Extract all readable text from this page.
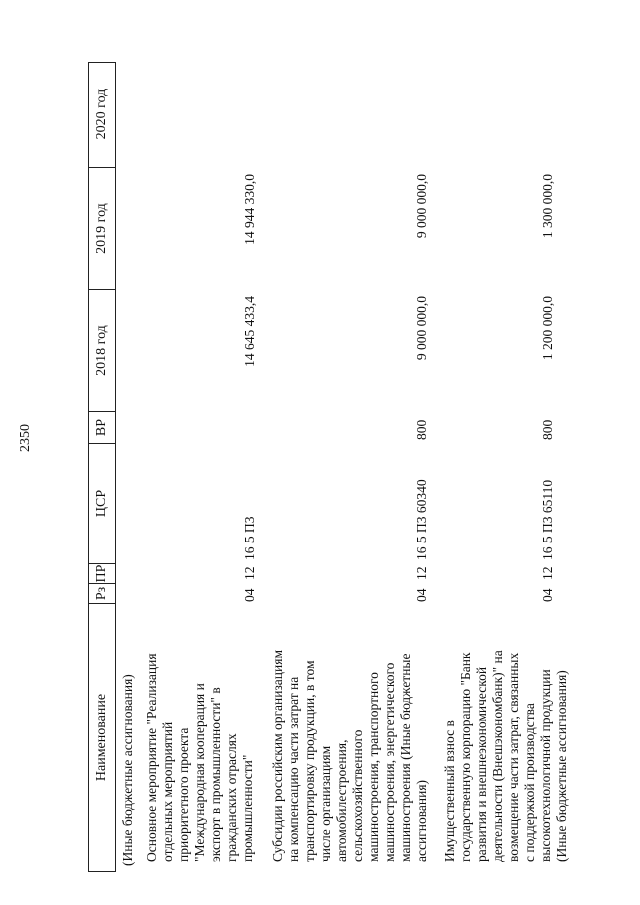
2350
Наименование
Рз
ПР
ЦСР
ВР
2018 год
2019 год
2020 год
(Иные бюджетные ассигнования) Основное мероприятие "Реализация отдельных мероприятий приоритетного проекта "Международная кооперация и экспорт в промышленности" в гражданских отраслях промышленности"
04
12
16 5 П3
14 645 433,4
14 944 330,0
Субсидии российским организациям на компенсацию части затрат на транспортировку продукции, в том числе организациям автомобилестроения, сельскохозяйственного машиностроения, транспортного машиностроения, энергетического машиностроения (Иные бюджетные ассигнования)
04
12
16 5 П3 60340
800
9 000 000,0
9 000 000,0
Имущественный взнос в государственную корпорацию "Банк развития и внешнеэкономической деятельности (Внешэкономбанк)" на возмещение части затрат, связанных с поддержкой производства высокотехнологичной продукции (Иные бюджетные ассигнования)
04
12
16 5 П3 65110
800
1 200 000,0
1 300 000,0
